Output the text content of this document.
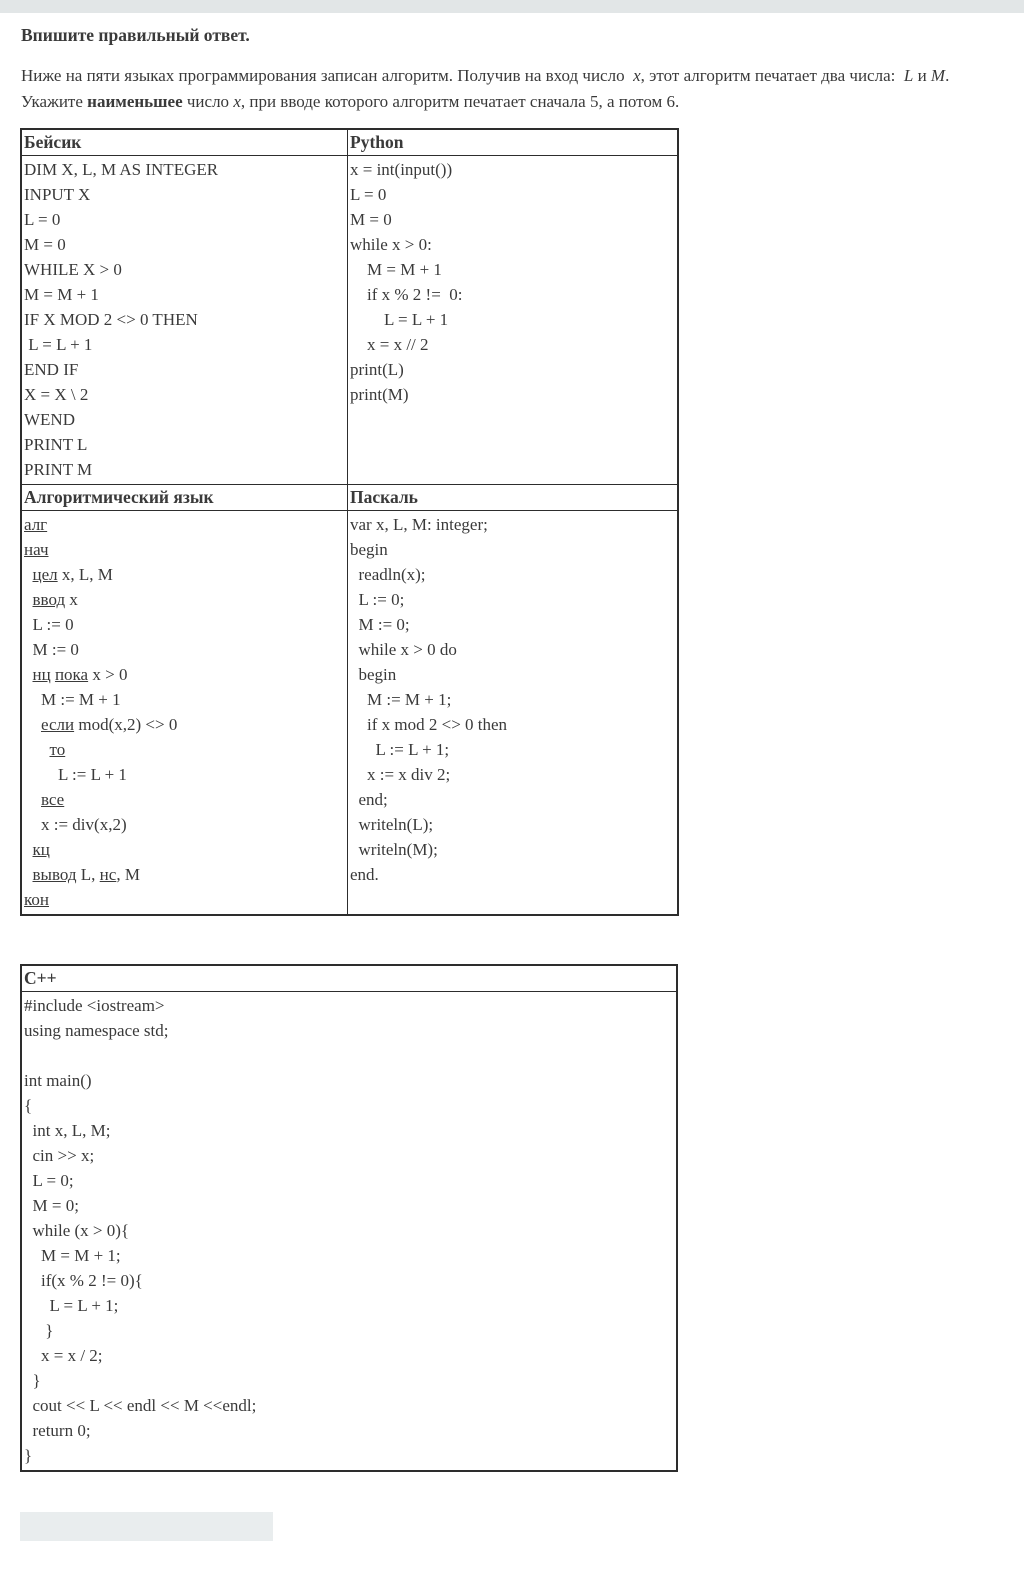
Впишите правильный ответ.
Ниже на пяти языках программирования записан алгоритм. Получив на вход число  x, этот алгоритм печатает два числа:  L и M.
Укажите наименьшее число x, при вводе которого алгоритм печатает сначала 5, а потом 6.
Бейсик	Python

DIM X, L, M AS INTEGER
INPUT X
L = 0
M = 0
WHILE X > 0
M = M + 1
IF X MOD 2 <> 0 THEN
L = L + 1
END IF
X = X \ 2
WEND
PRINT L
PRINT M

x = int(input())
L = 0
M = 0
while x > 0:
M = M + 1
if x % 2 !=  0:
L = L + 1
x = x // 2
print(L)
print(M)

Алгоритмический язык	Паскаль

алг
нач
цел x, L, M
ввод x
L := 0
M := 0
нц пока x > 0
M := M + 1
если mod(x,2) <> 0
то
L := L + 1
все
x := div(x,2)
кц
вывод L, нс, M
кон

var x, L, M: integer;
begin
readln(x);
L := 0;
M := 0;
while x > 0 do
begin
M := M + 1;
if x mod 2 <> 0 then
L := L + 1;
x := x div 2;
end;
writeln(L);
writeln(M);
end.
C++

#include <iostream>
using namespace std;

int main()
{
int x, L, M;
cin >> x;
L = 0;
M = 0;
while (x > 0){
M = M + 1;
if(x % 2 != 0){
L = L + 1;
}
x = x / 2;
}
cout << L << endl << M <<endl;
return 0;
}
